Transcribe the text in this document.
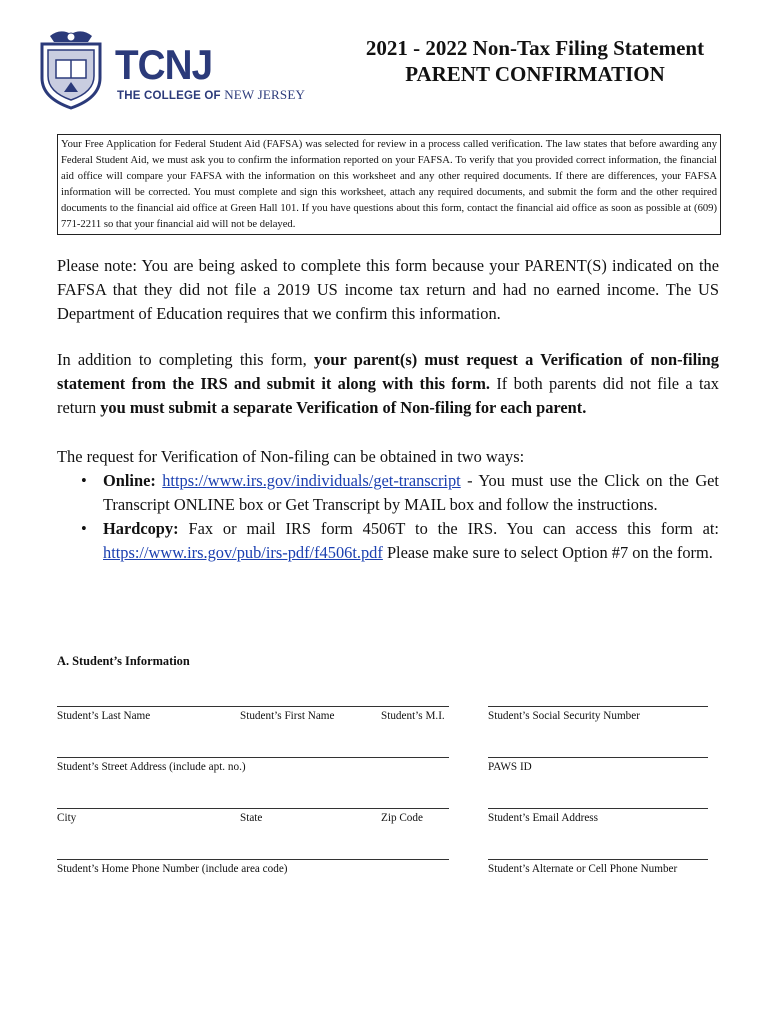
TCNJ
THE COLLEGE OF NEW JERSEY
2021 - 2022 Non-Tax Filing Statement
PARENT CONFIRMATION
Your Free Application for Federal Student Aid (FAFSA) was selected for review in a process called verification. The law states that before awarding any Federal Student Aid, we must ask you to confirm the information reported on your FAFSA. To verify that you provided correct information, the financial aid office will compare your FAFSA with the information on this worksheet and any other required documents. If there are differences, your FAFSA information will be corrected. You must complete and sign this worksheet, attach any required documents, and submit the form and the other required documents to the financial aid office at Green Hall 101. If you have questions about this form, contact the financial aid office as soon as possible at (609) 771-2211 so that your financial aid will not be delayed.
Please note: You are being asked to complete this form because your PARENT(S) indicated on the FAFSA that they did not file a 2019 US income tax return and had no earned income. The US Department of Education requires that we confirm this information.
In addition to completing this form, your parent(s) must request a Verification of non-filing statement from the IRS and submit it along with this form. If both parents did not file a tax return you must submit a separate Verification of Non-filing for each parent.
The request for Verification of Non-filing can be obtained in two ways:
• Online: https://www.irs.gov/individuals/get-transcript - You must use the Click on the Get Transcript ONLINE box or Get Transcript by MAIL box and follow the instructions.
• Hardcopy: Fax or mail IRS form 4506T to the IRS. You can access this form at: https://www.irs.gov/pub/irs-pdf/f4506t.pdf Please make sure to select Option #7 on the form.
A. Student’s Information
Student’s Last Name	Student’s First Name	Student’s M.I.	Student’s Social Security Number
Student’s Street Address (include apt. no.)	PAWS ID
City	State	Zip Code	Student’s Email Address
Student’s Home Phone Number (include area code)	Student’s Alternate or Cell Phone Number
